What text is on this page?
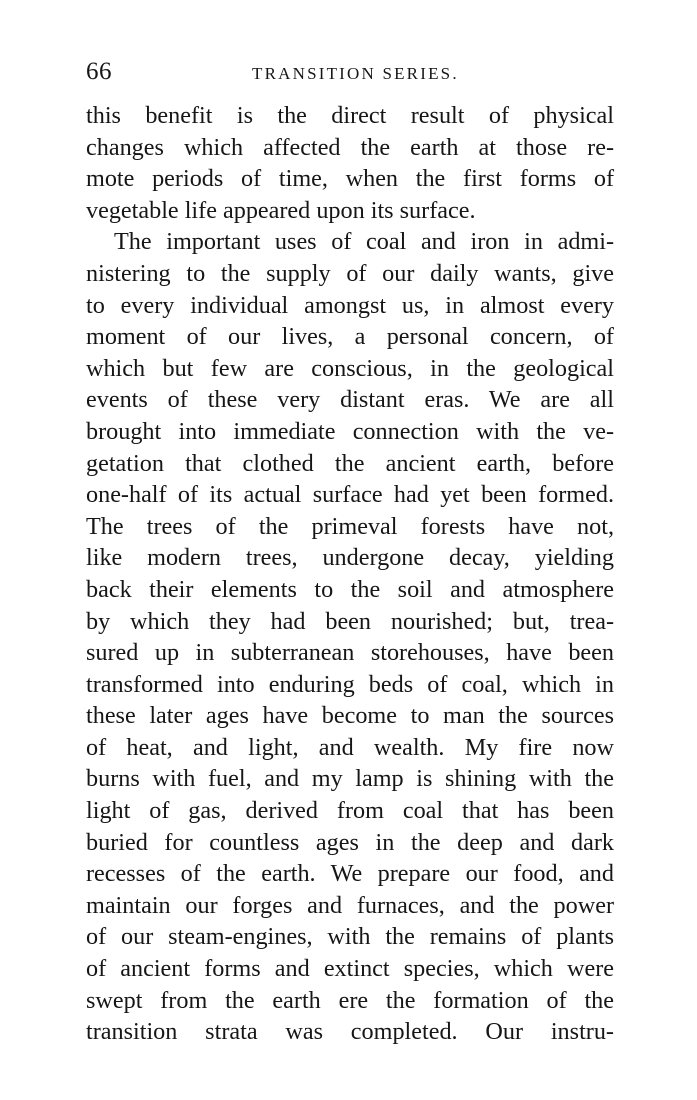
66	TRANSITION SERIES.
this benefit is the direct result of physical
changes which affected the earth at those re-
mote periods of time, when the first forms of
vegetable life appeared upon its surface.
The important uses of coal and iron in admi-
nistering to the supply of our daily wants, give
to every individual amongst us, in almost every
moment of our lives, a personal concern, of
which but few are conscious, in the geological
events of these very distant eras. We are all
brought into immediate connection with the ve-
getation that clothed the ancient earth, before
one-half of its actual surface had yet been formed.
The trees of the primeval forests have not,
like modern trees, undergone decay, yielding
back their elements to the soil and atmosphere
by which they had been nourished; but, trea-
sured up in subterranean storehouses, have been
transformed into enduring beds of coal, which in
these later ages have become to man the sources
of heat, and light, and wealth. My fire now
burns with fuel, and my lamp is shining with the
light of gas, derived from coal that has been
buried for countless ages in the deep and dark
recesses of the earth. We prepare our food, and
maintain our forges and furnaces, and the power
of our steam-engines, with the remains of plants
of ancient forms and extinct species, which were
swept from the earth ere the formation of the
transition strata was completed. Our instru-
